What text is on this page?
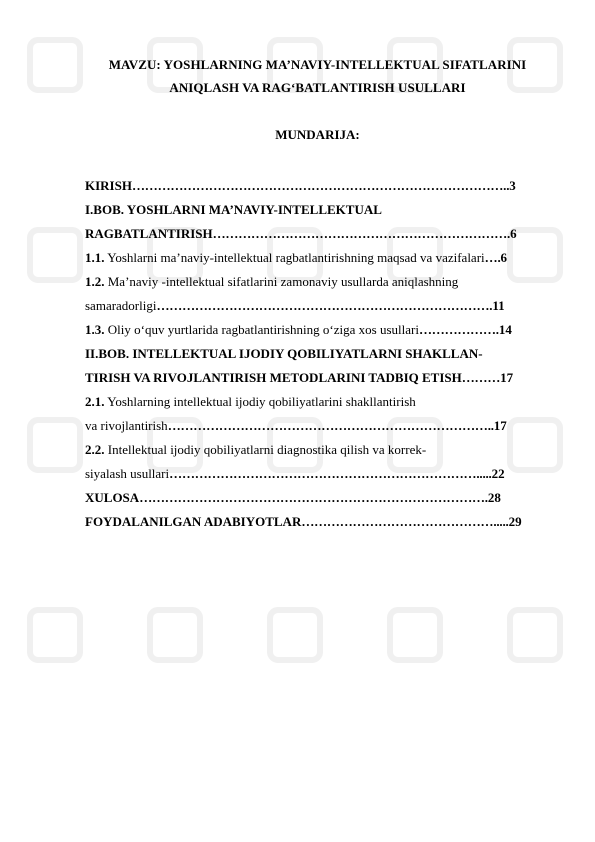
MAVZU: YOSHLARNING MA’NAVIY-INTELLEKTUAL SIFATLARINI
ANIQLASH VA RAG‘BATLANTIRISH USULLARI
MUNDARIJA:
KIRISH……………………………………………………………………………..3
I.BOB. YOSHLARNI MA’NAVIY-INTELLEKTUAL
RAGBATLANTIRISH…………………………………………………………….6
1.1. Yoshlarni ma’naviy-intellektual ragbatlantirishning maqsad va vazifalari….6
1.2. Ma’naviy -intellektual sifatlarini zamonaviy usullarda aniqlashning
samaradorligi…………………………………………………………………….11
1.3. Oliy o‘quv yurtlarida ragbatlantirishning o‘ziga xos usullari……………….14
II.BOB. INTELLEKTUAL IJODIY QOBILIYATLARNI SHAKLLAN-
TIRISH VA RIVOJLANTIRISH METODLARINI TADBIQ ETISH………17
2.1. Yoshlarning intellektual ijodiy qobiliyatlarini shakllantirish
va rivojlantirish…………………………………………………………………..17
2.2. Intellektual ijodiy qobiliyatlarni diagnostika qilish va korrek-
siyalash usullari……………………………………………………………….....22
XULOSA……………………………………………………………………….28
FOYDALANILGAN ADABIYOTLAR……………………………………….....29
